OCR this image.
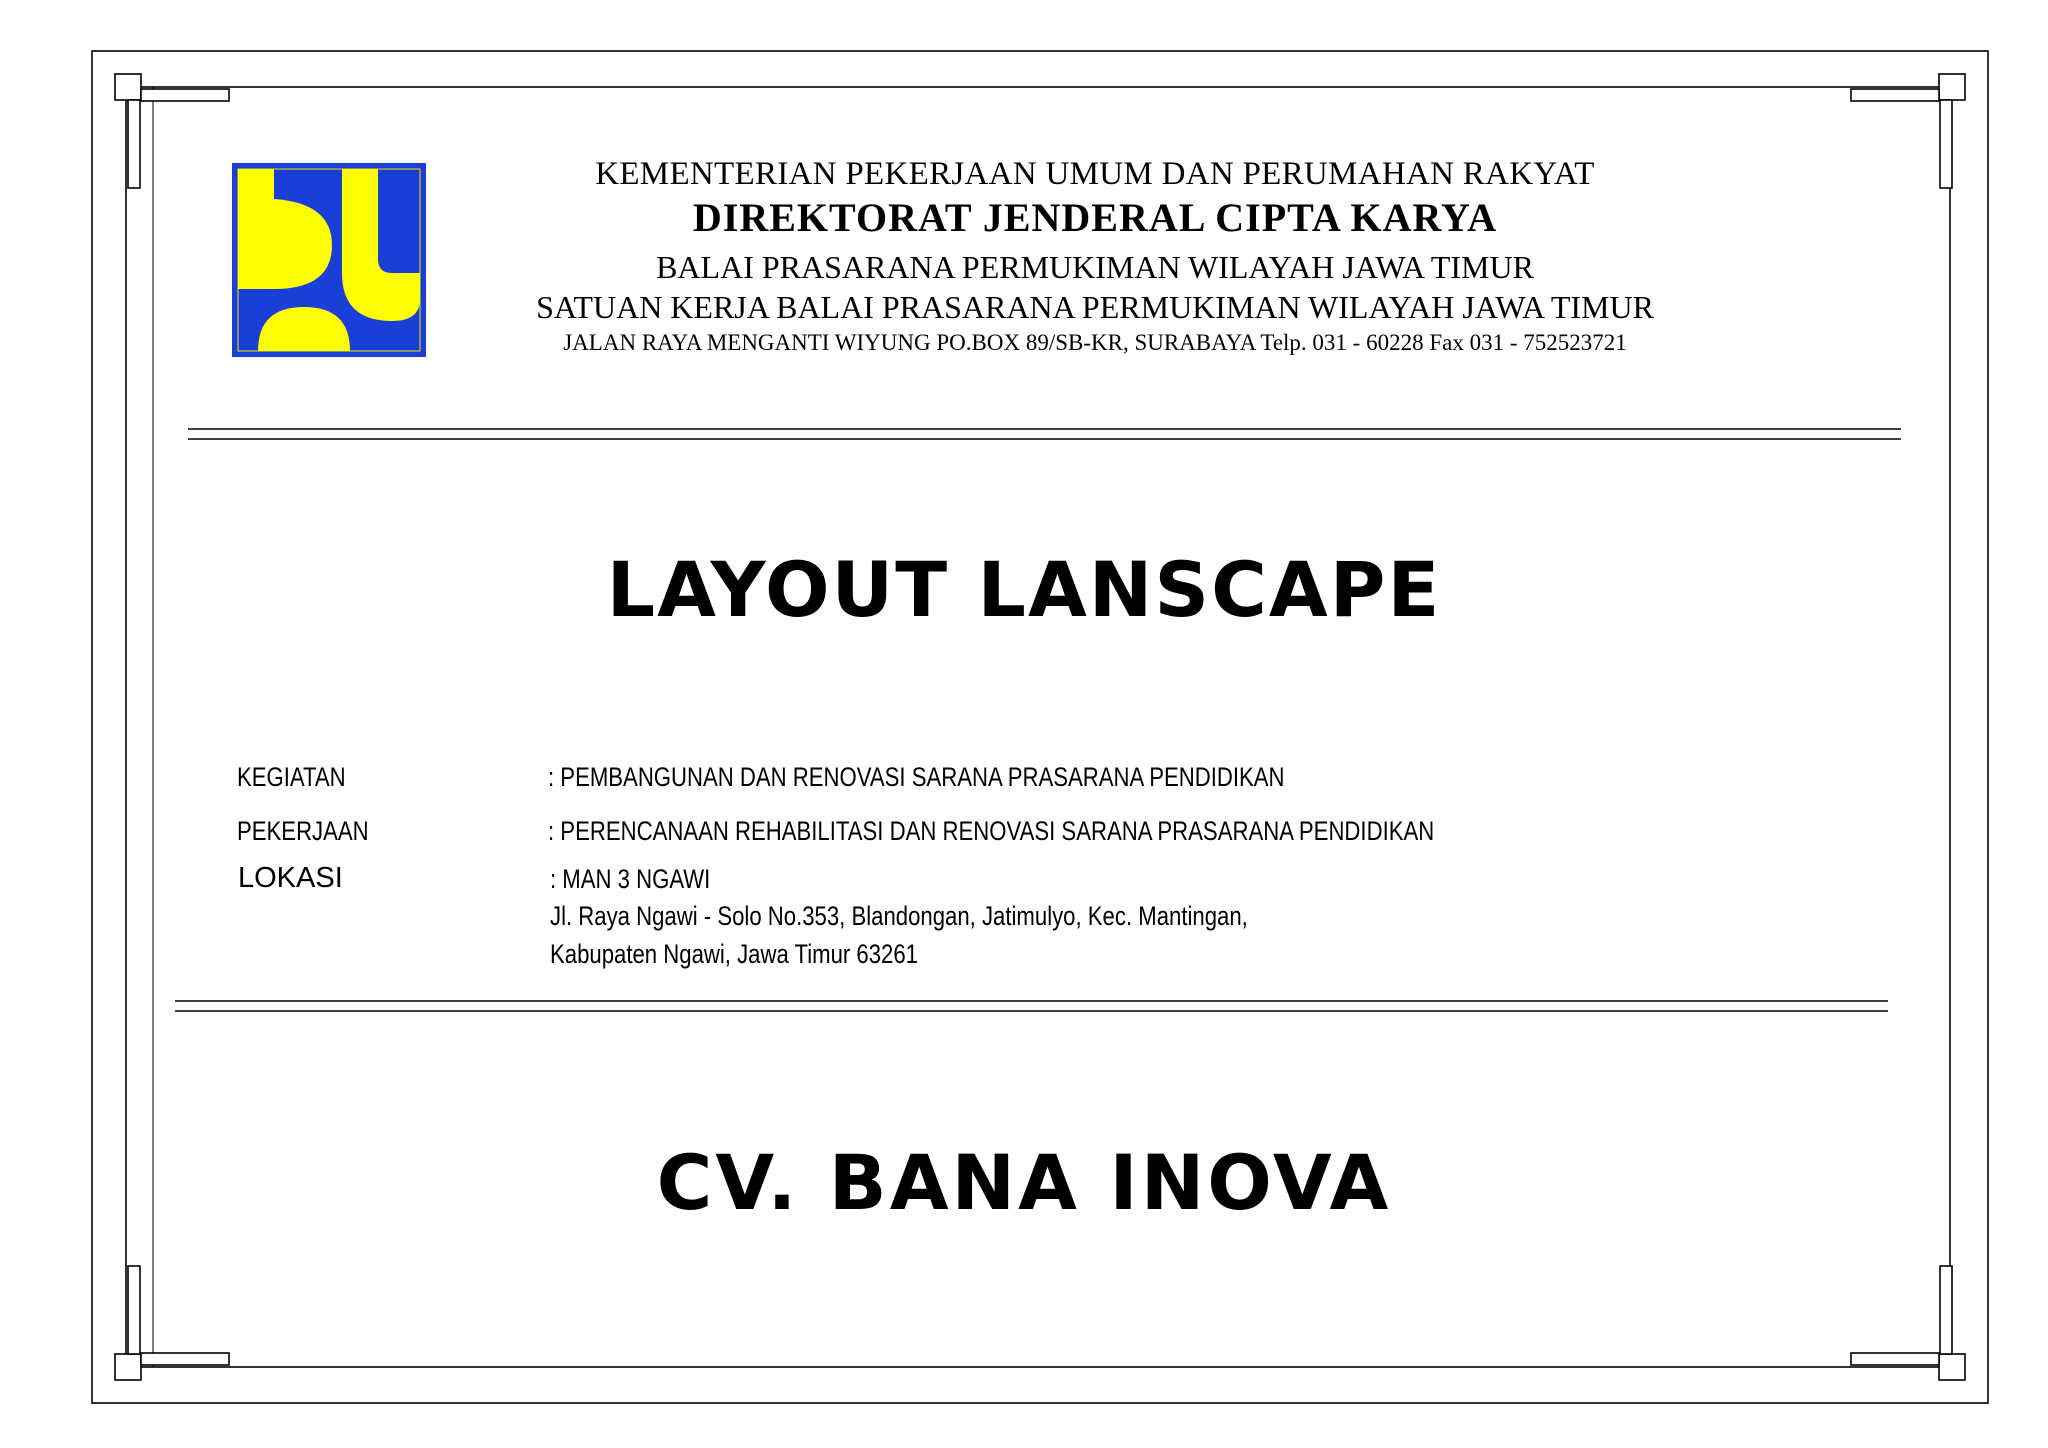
KEMENTERIAN PEKERJAAN UMUM DAN PERUMAHAN RAKYAT
DIREKTORAT JENDERAL CIPTA KARYA
BALAI PRASARANA PERMUKIMAN WILAYAH JAWA TIMUR
SATUAN KERJA BALAI PRASARANA PERMUKIMAN WILAYAH JAWA TIMUR
JALAN RAYA MENGANTI WIYUNG PO.BOX 89/SB-KR, SURABAYA Telp. 031 - 60228 Fax 031 - 752523721
LAYOUT LANSCAPE
KEGIATAN	: PEMBANGUNAN DAN RENOVASI SARANA PRASARANA PENDIDIKAN
PEKERJAAN	: PERENCANAAN REHABILITASI DAN RENOVASI SARANA PRASARANA PENDIDIKAN
LOKASI	: MAN 3 NGAWI
Jl. Raya Ngawi - Solo No.353, Blandongan, Jatimulyo, Kec. Mantingan,
Kabupaten Ngawi, Jawa Timur 63261
CV. BANA INOVA
